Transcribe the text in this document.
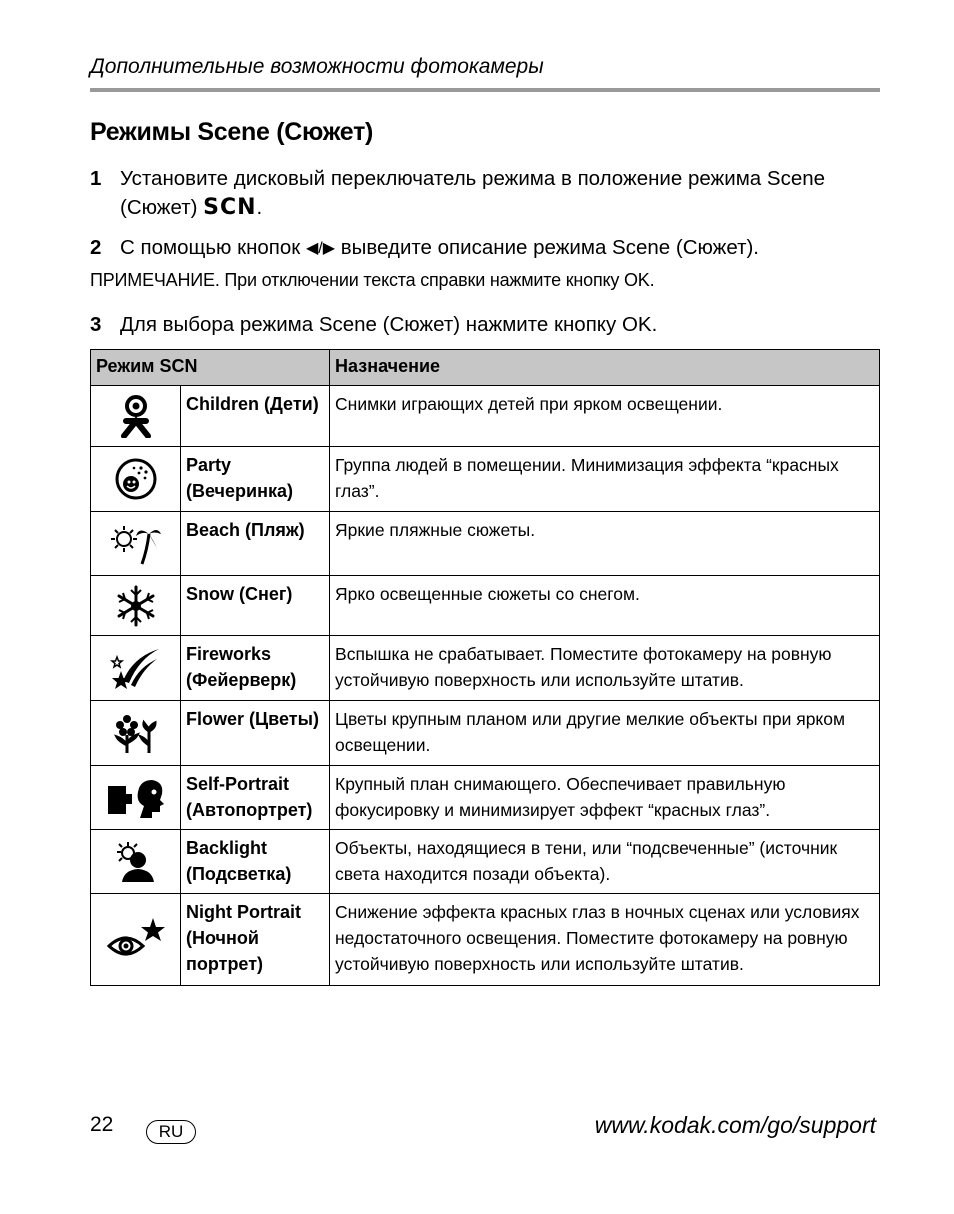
Дополнительные возможности фотокамеры
Режимы Scene (Сюжет)
1 Установите дисковый переключатель режима в положение режима Scene
(Сюжет) SCN.
2 С помощью кнопок ◀/▶ выведите описание режима Scene (Сюжет).
ПРИМЕЧАНИЕ. При отключении текста справки нажмите кнопку OK.
3 Для выбора режима Scene (Сюжет) нажмите кнопку OK.
Режим SCN		Назначение

	Children (Дети)	Снимки играющих детей при ярком освещении.

	Party (Вечеринка)	Группа людей в помещении. Минимизация эффекта “красных глаз”.

	Beach (Пляж)	Яркие пляжные сюжеты.

	Snow (Снег)	Ярко освещенные сюжеты со снегом.

	Fireworks (Фейерверк)	Вспышка не срабатывает. Поместите фотокамеру на ровную устойчивую поверхность или используйте штатив.

	Flower (Цветы)	Цветы крупным планом или другие мелкие объекты при ярком освещении.

	Self-Portrait (Автопортрет)	Крупный план снимающего. Обеспечивает правильную фокусировку и минимизирует эффект “красных глаз”.

	Backlight (Подсветка)	Объекты, находящиеся в тени, или “подсвеченные” (источник света находится позади объекта).

	Night Portrait (Ночной портрет)	Снижение эффекта красных глаз в ночных сценах или условиях недостаточного освещения. Поместите фотокамеру на ровную устойчивую поверхность или используйте штатив.
22	RU	www.kodak.com/go/support
